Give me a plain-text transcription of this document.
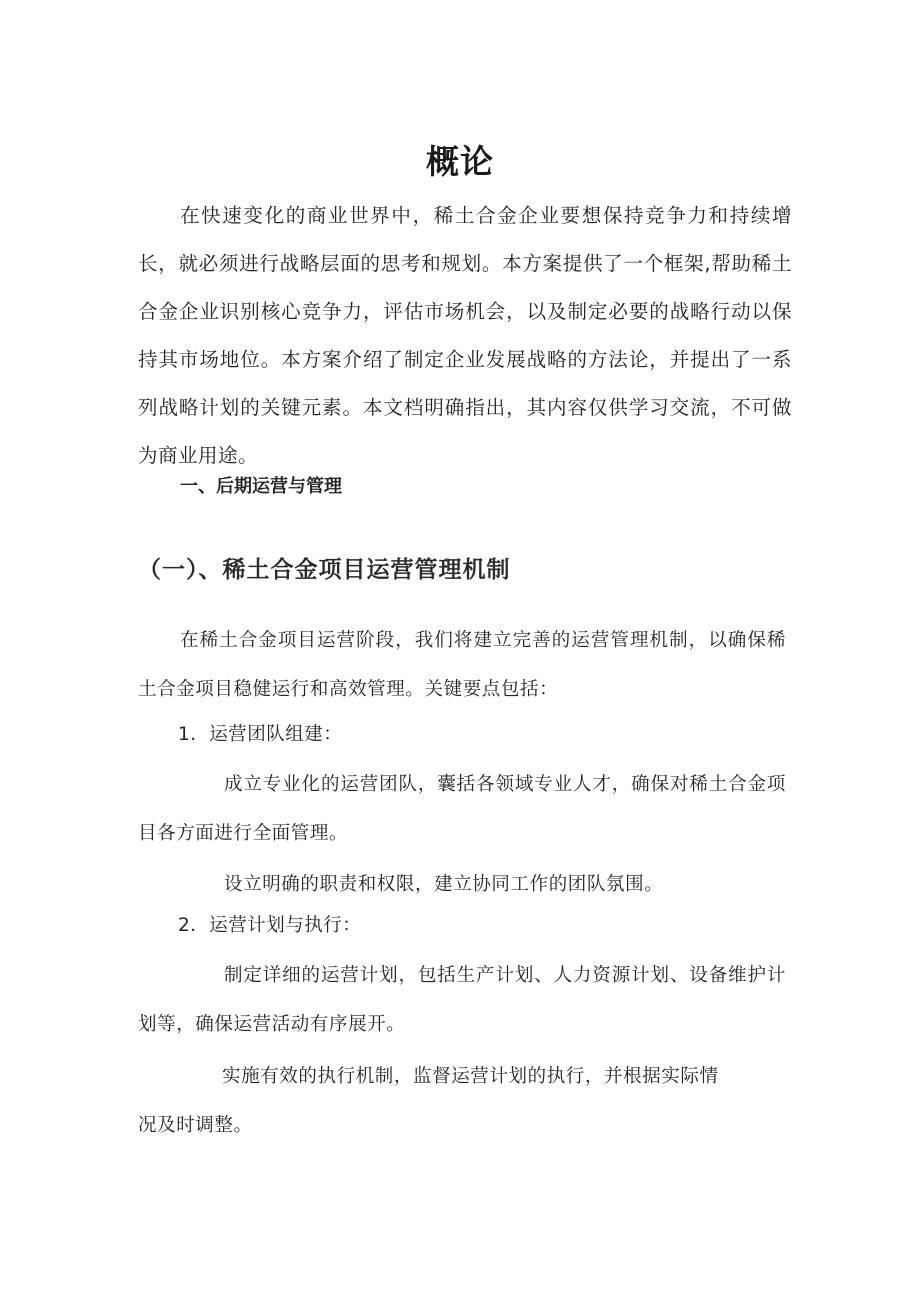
概论

在快速变化的商业世界中，稀土合金企业要想保持竞争力和持续增长，就必须进行战略层面的思考和规划。本方案提供了一个框架,帮助稀土合金企业识别核心竞争力，评估市场机会，以及制定必要的战略行动以保持其市场地位。本方案介绍了制定企业发展战略的方法论，并提出了一系列战略计划的关键元素。本文档明确指出，其内容仅供学习交流，不可做为商业用途。

一、后期运营与管理
（一）、稀土合金项目运营管理机制

在稀土合金项目运营阶段，我们将建立完善的运营管理机制，以确保稀土合金项目稳健运行和高效管理。关键要点包括：

1．运营团队组建：

成立专业化的运营团队，囊括各领域专业人才，确保对稀土合金项目各方面进行全面管理。

设立明确的职责和权限，建立协同工作的团队氛围。

2．运营计划与执行：

制定详细的运营计划，包括生产计划、人力资源计划、设备维护计划等，确保运营活动有序展开。

实施有效的执行机制，监督运营计划的执行，并根据实际情

况及时调整。
